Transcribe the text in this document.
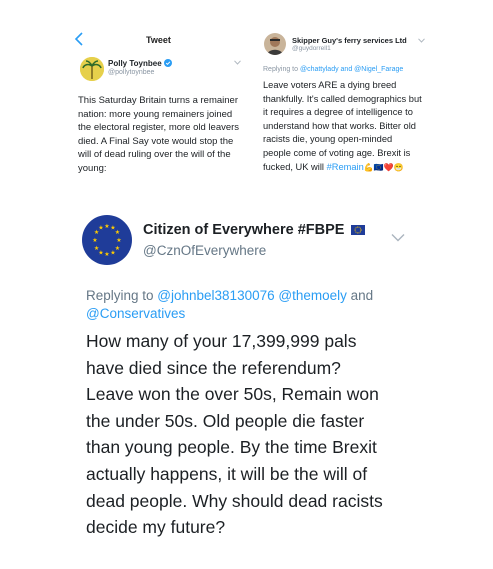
Tweet
Polly Toynbee
@pollytoynbee
This Saturday Britain turns a remainer
nation: more young remainers joined
the electoral register, more old leavers
died. A Final Say vote would stop the
will of dead ruling over the will of the
young:
Skipper Guy's ferry services Ltd
@guydorrell1
Replying to @chattylady and @Nigel_Farage
Leave voters ARE a dying breed
thankfully. It's called demographics but
it requires a degree of intelligence to
understand how that works. Bitter old
racists die, young open-minded
people come of voting age. Brexit is
fucked, UK will #Remain💪🇪🇺❤️😁
★ ★
★
★
★
★
★
★
★
★
★
★	Citizen of Everywhere #FBPE
@CznOfEverywhere
Replying to @johnbel38130076 @themoely and
@Conservatives
How many of your 17,399,999 pals
have died since the referendum?
Leave won the over 50s, Remain won
the under 50s. Old people die faster
than young people. By the time Brexit
actually happens, it will be the will of
dead people. Why should dead racists
decide my future?
